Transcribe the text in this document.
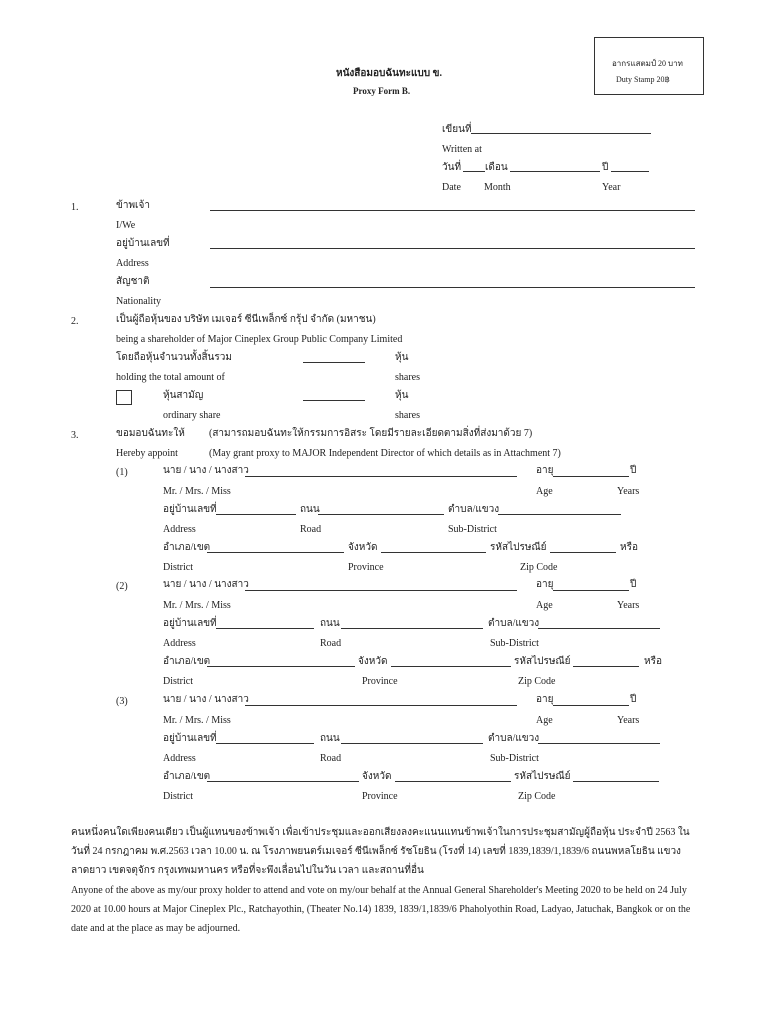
อากรแสตมป์ 20 บาท
Duty Stamp 20฿
หนังสือมอบฉันทะแบบ ข.
Proxy Form B.
เขียนที่
Written at
วันที่ เดือน	ปี
Date Month	Year
1.	ข้าพเจ้า
I/We
อยู่บ้านเลขที่
Address
สัญชาติ
Nationality
2.	เป็นผู้ถือหุ้นของ บริษัท เมเจอร์ ซีนีเพล็กซ์ กรุ้ป จำกัด (มหาชน)
being a shareholder of Major Cineplex Group Public Company Limited
โดยถือหุ้นจำนวนทั้งสิ้นรวม	หุ้น
holding the total amount of	shares
หุ้นสามัญ	หุ้น
ordinary share	shares
3.	ขอมอบฉันทะให้ (สามารถมอบฉันทะให้กรรมการอิสระ โดยมีรายละเอียดตามสิ่งที่ส่งมาด้วย 7)
Hereby appoint	(May grant proxy to MAJOR Independent Director of which details as in Attachment 7)
(1)	นาย / นาง / นางสาว	อายุ	ปี
Mr. / Mrs. / Miss	Age	Years
อยู่บ้านเลขที่	ถนน	ตำบล/แขวง
Address	Road	Sub-District
อำเภอ/เขต	จังหวัด	รหัสไปรษณีย์	หรือ
District	Province	Zip Code
(2)	นาย / นาง / นางสาว	อายุ	ปี
Mr. / Mrs. / Miss	Age	Years
อยู่บ้านเลขที่	ถนน	ตำบล/แขวง
Address	Road	Sub-District
อำเภอ/เขต	จังหวัด	รหัสไปรษณีย์	หรือ
District	Province	Zip Code
(3)	นาย / นาง / นางสาว	อายุ	ปี
Mr. / Mrs. / Miss	Age	Years
อยู่บ้านเลขที่	ถนน	ตำบล/แขวง
Address	Road	Sub-District
อำเภอ/เขต	จังหวัด	รหัสไปรษณีย์
District	Province	Zip Code
คนหนึ่งคนใดเพียงคนเดียว เป็นผู้แทนของข้าพเจ้า เพื่อเข้าประชุมและออกเสียงลงคะแนนแทนข้าพเจ้าในการประชุมสามัญผู้ถือหุ้น ประจำปี 2563 ในวันที่ 24 กรกฎาคม พ.ศ.2563 เวลา 10.00 น. ณ โรงภาพยนตร์เมเจอร์ ซีนีเพล็กซ์ รัชโยธิน (โรงที่ 14) เลขที่ 1839,1839/1,1839/6 ถนนพหลโยธิน แขวงลาดยาว เขตจตุจักร กรุงเทพมหานคร หรือที่จะพึงเลื่อนไปในวัน เวลา และสถานที่อื่น
Anyone of the above as my/our proxy holder to attend and vote on my/our behalf at the Annual General Shareholder's Meeting 2020 to be held on 24 July 2020 at 10.00 hours at Major Cineplex Plc., Ratchayothin, (Theater No.14) 1839, 1839/1,1839/6 Phaholyothin Road, Ladyao, Jatuchak, Bangkok or on the date and at the place as may be adjourned.
